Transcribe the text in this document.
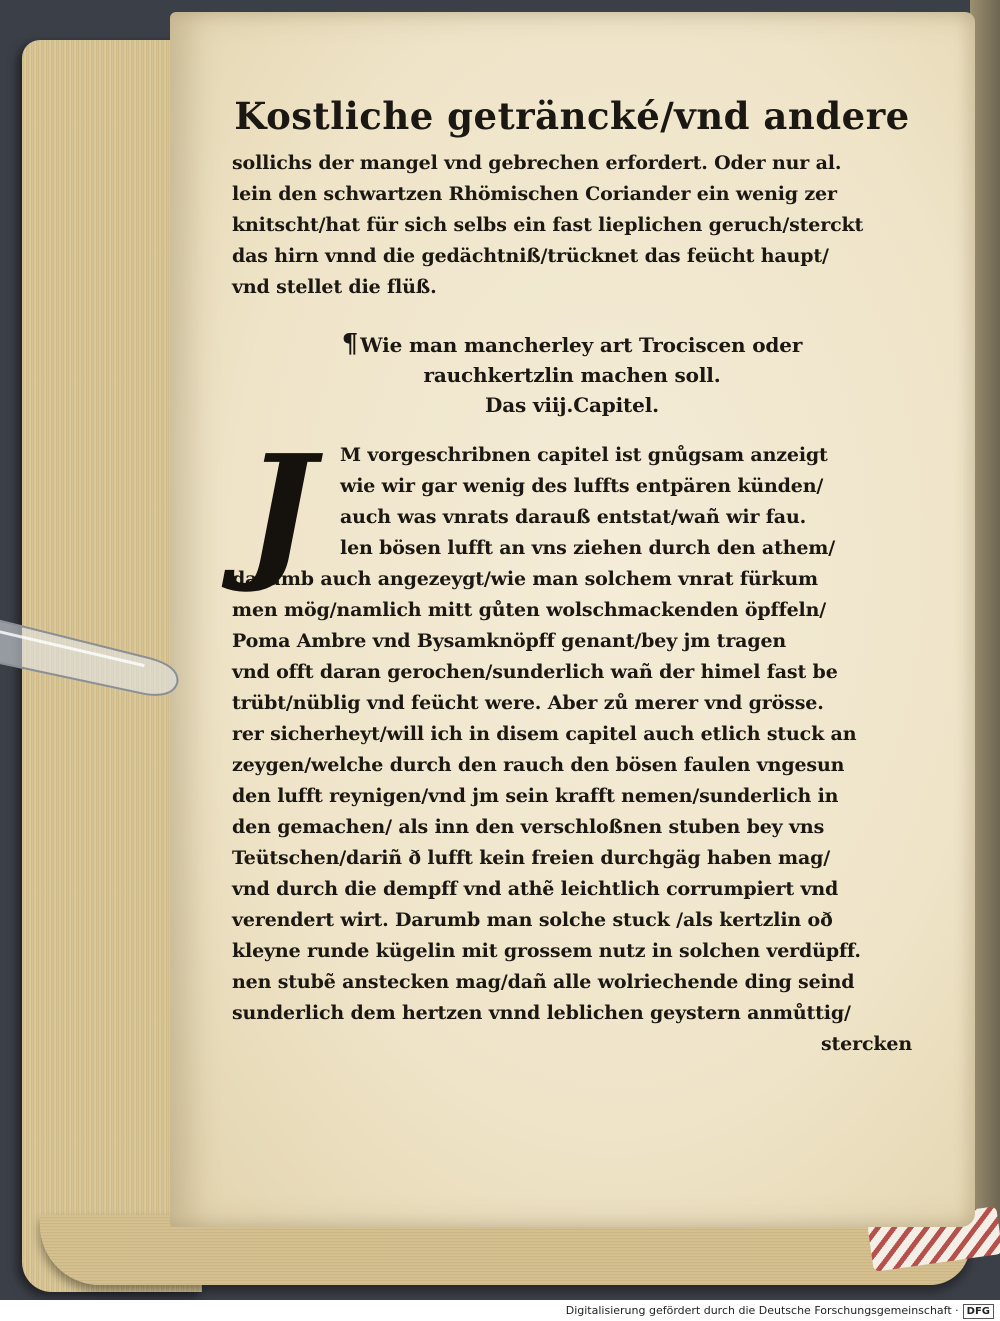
Kostliche geträncké/vnd andere
sollichs der mangel vnd gebrechen erfordert. Oder nur al.
lein den schwartzen Rhömischen Coriander ein wenig zer
knitscht/hat für sich selbs ein fast lieplichen geruch/sterckt
das hirn vnnd die gedächtniß/trücknet das feücht haupt/
vnd stellet die flüß.
¶ Wie man mancherley art Trociscen oder
rauchkertzlin machen soll.
Das viij.Capitel.
J	M vorgeschribnen capitel ist gnůgsam anzeigt
wie wir gar wenig des luffts entpären künden/
auch was vnrats darauß entstat/wañ wir fau.
len bösen lufft an vns ziehen durch den athem/
darumb auch angezeygt/wie man solchem vnrat fürkum
men mög/namlich mitt gůten wolschmackenden öpffeln/
Poma Ambre vnd Bysamknöpff genant/bey jm tragen
vnd offt daran gerochen/sunderlich wañ der himel fast be
trübt/nüblig vnd feücht were. Aber zů merer vnd grösse.
rer sicherheyt/will ich in disem capitel auch etlich stuck an
zeygen/welche durch den rauch den bösen faulen vngesun
den lufft reynigen/vnd jm sein krafft nemen/sunderlich in
den gemachen/ als inn den verschloßnen stuben bey vns
Teütschen/dariñ ð lufft kein freien durchgäg haben mag/
vnd durch die dempff vnd athẽ leichtlich corrumpiert vnd
verendert wirt. Darumb man solche stuck /als kertzlin oð
kleyne runde kügelin mit grossem nutz in solchen verdüpff.
nen stubẽ anstecken mag/dañ alle wolriechende ding seind
sunderlich dem hertzen vnnd leblichen geystern anmůttig/
stercken
Digitalisierung gefördert durch die Deutsche Forschungsgemeinschaft · DFG
